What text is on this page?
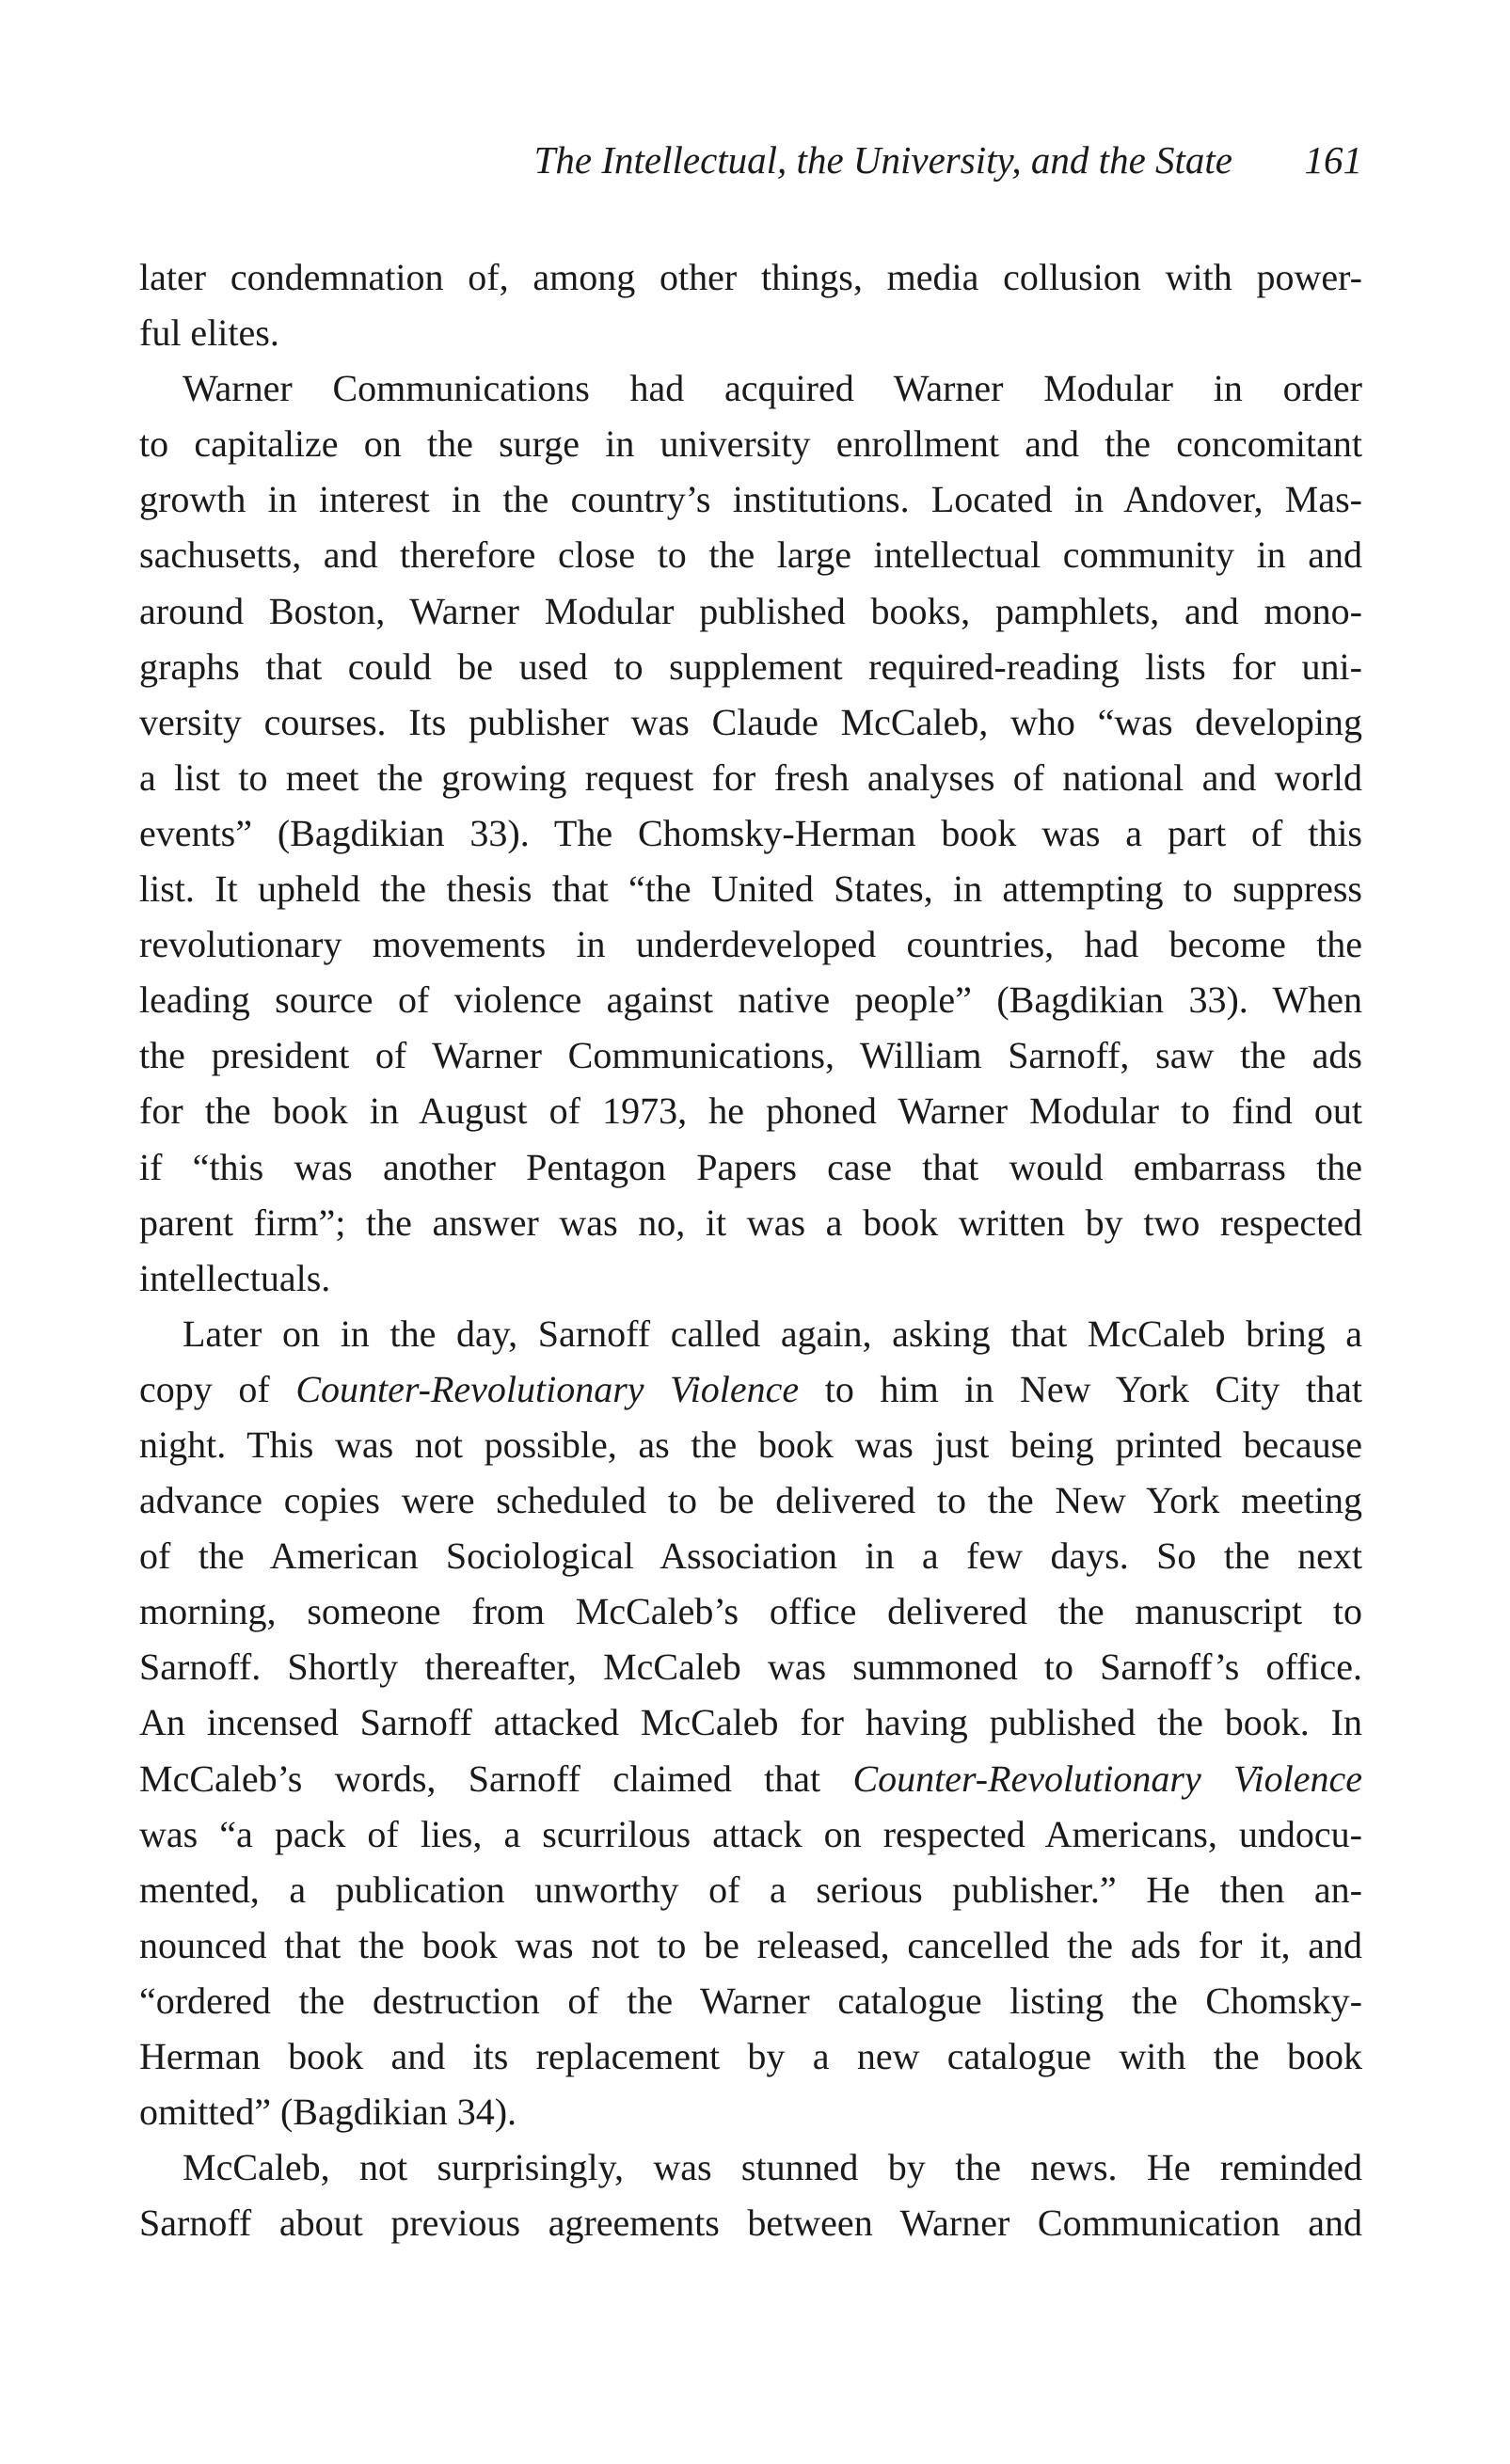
The Intellectual, the University, and the State 161
later condemnation of, among other things, media collusion with power-
ful elites.
Warner Communications had acquired Warner Modular in order
to capitalize on the surge in university enrollment and the concomitant
growth in interest in the country’s institutions. Located in Andover, Mas-
sachusetts, and therefore close to the large intellectual community in and
around Boston, Warner Modular published books, pamphlets, and mono-
graphs that could be used to supplement required-reading lists for uni-
versity courses. Its publisher was Claude McCaleb, who “was developing
a list to meet the growing request for fresh analyses of national and world
events” (Bagdikian 33). The Chomsky-Herman book was a part of this
list. It upheld the thesis that “the United States, in attempting to suppress
revolutionary movements in underdeveloped countries, had become the
leading source of violence against native people” (Bagdikian 33). When
the president of Warner Communications, William Sarnoff, saw the ads
for the book in August of 1973, he phoned Warner Modular to find out
if “this was another Pentagon Papers case that would embarrass the
parent firm”; the answer was no, it was a book written by two respected
intellectuals.
Later on in the day, Sarnoff called again, asking that McCaleb bring a
copy of Counter-Revolutionary Violence to him in New York City that
night. This was not possible, as the book was just being printed because
advance copies were scheduled to be delivered to the New York meeting
of the American Sociological Association in a few days. So the next
morning, someone from McCaleb’s office delivered the manuscript to
Sarnoff. Shortly thereafter, McCaleb was summoned to Sarnoff’s office.
An incensed Sarnoff attacked McCaleb for having published the book. In
McCaleb’s words, Sarnoff claimed that Counter-Revolutionary Violence
was “a pack of lies, a scurrilous attack on respected Americans, undocu-
mented, a publication unworthy of a serious publisher.” He then an-
nounced that the book was not to be released, cancelled the ads for it, and
“ordered the destruction of the Warner catalogue listing the Chomsky-
Herman book and its replacement by a new catalogue with the book
omitted” (Bagdikian 34).
McCaleb, not surprisingly, was stunned by the news. He reminded
Sarnoff about previous agreements between Warner Communication and
